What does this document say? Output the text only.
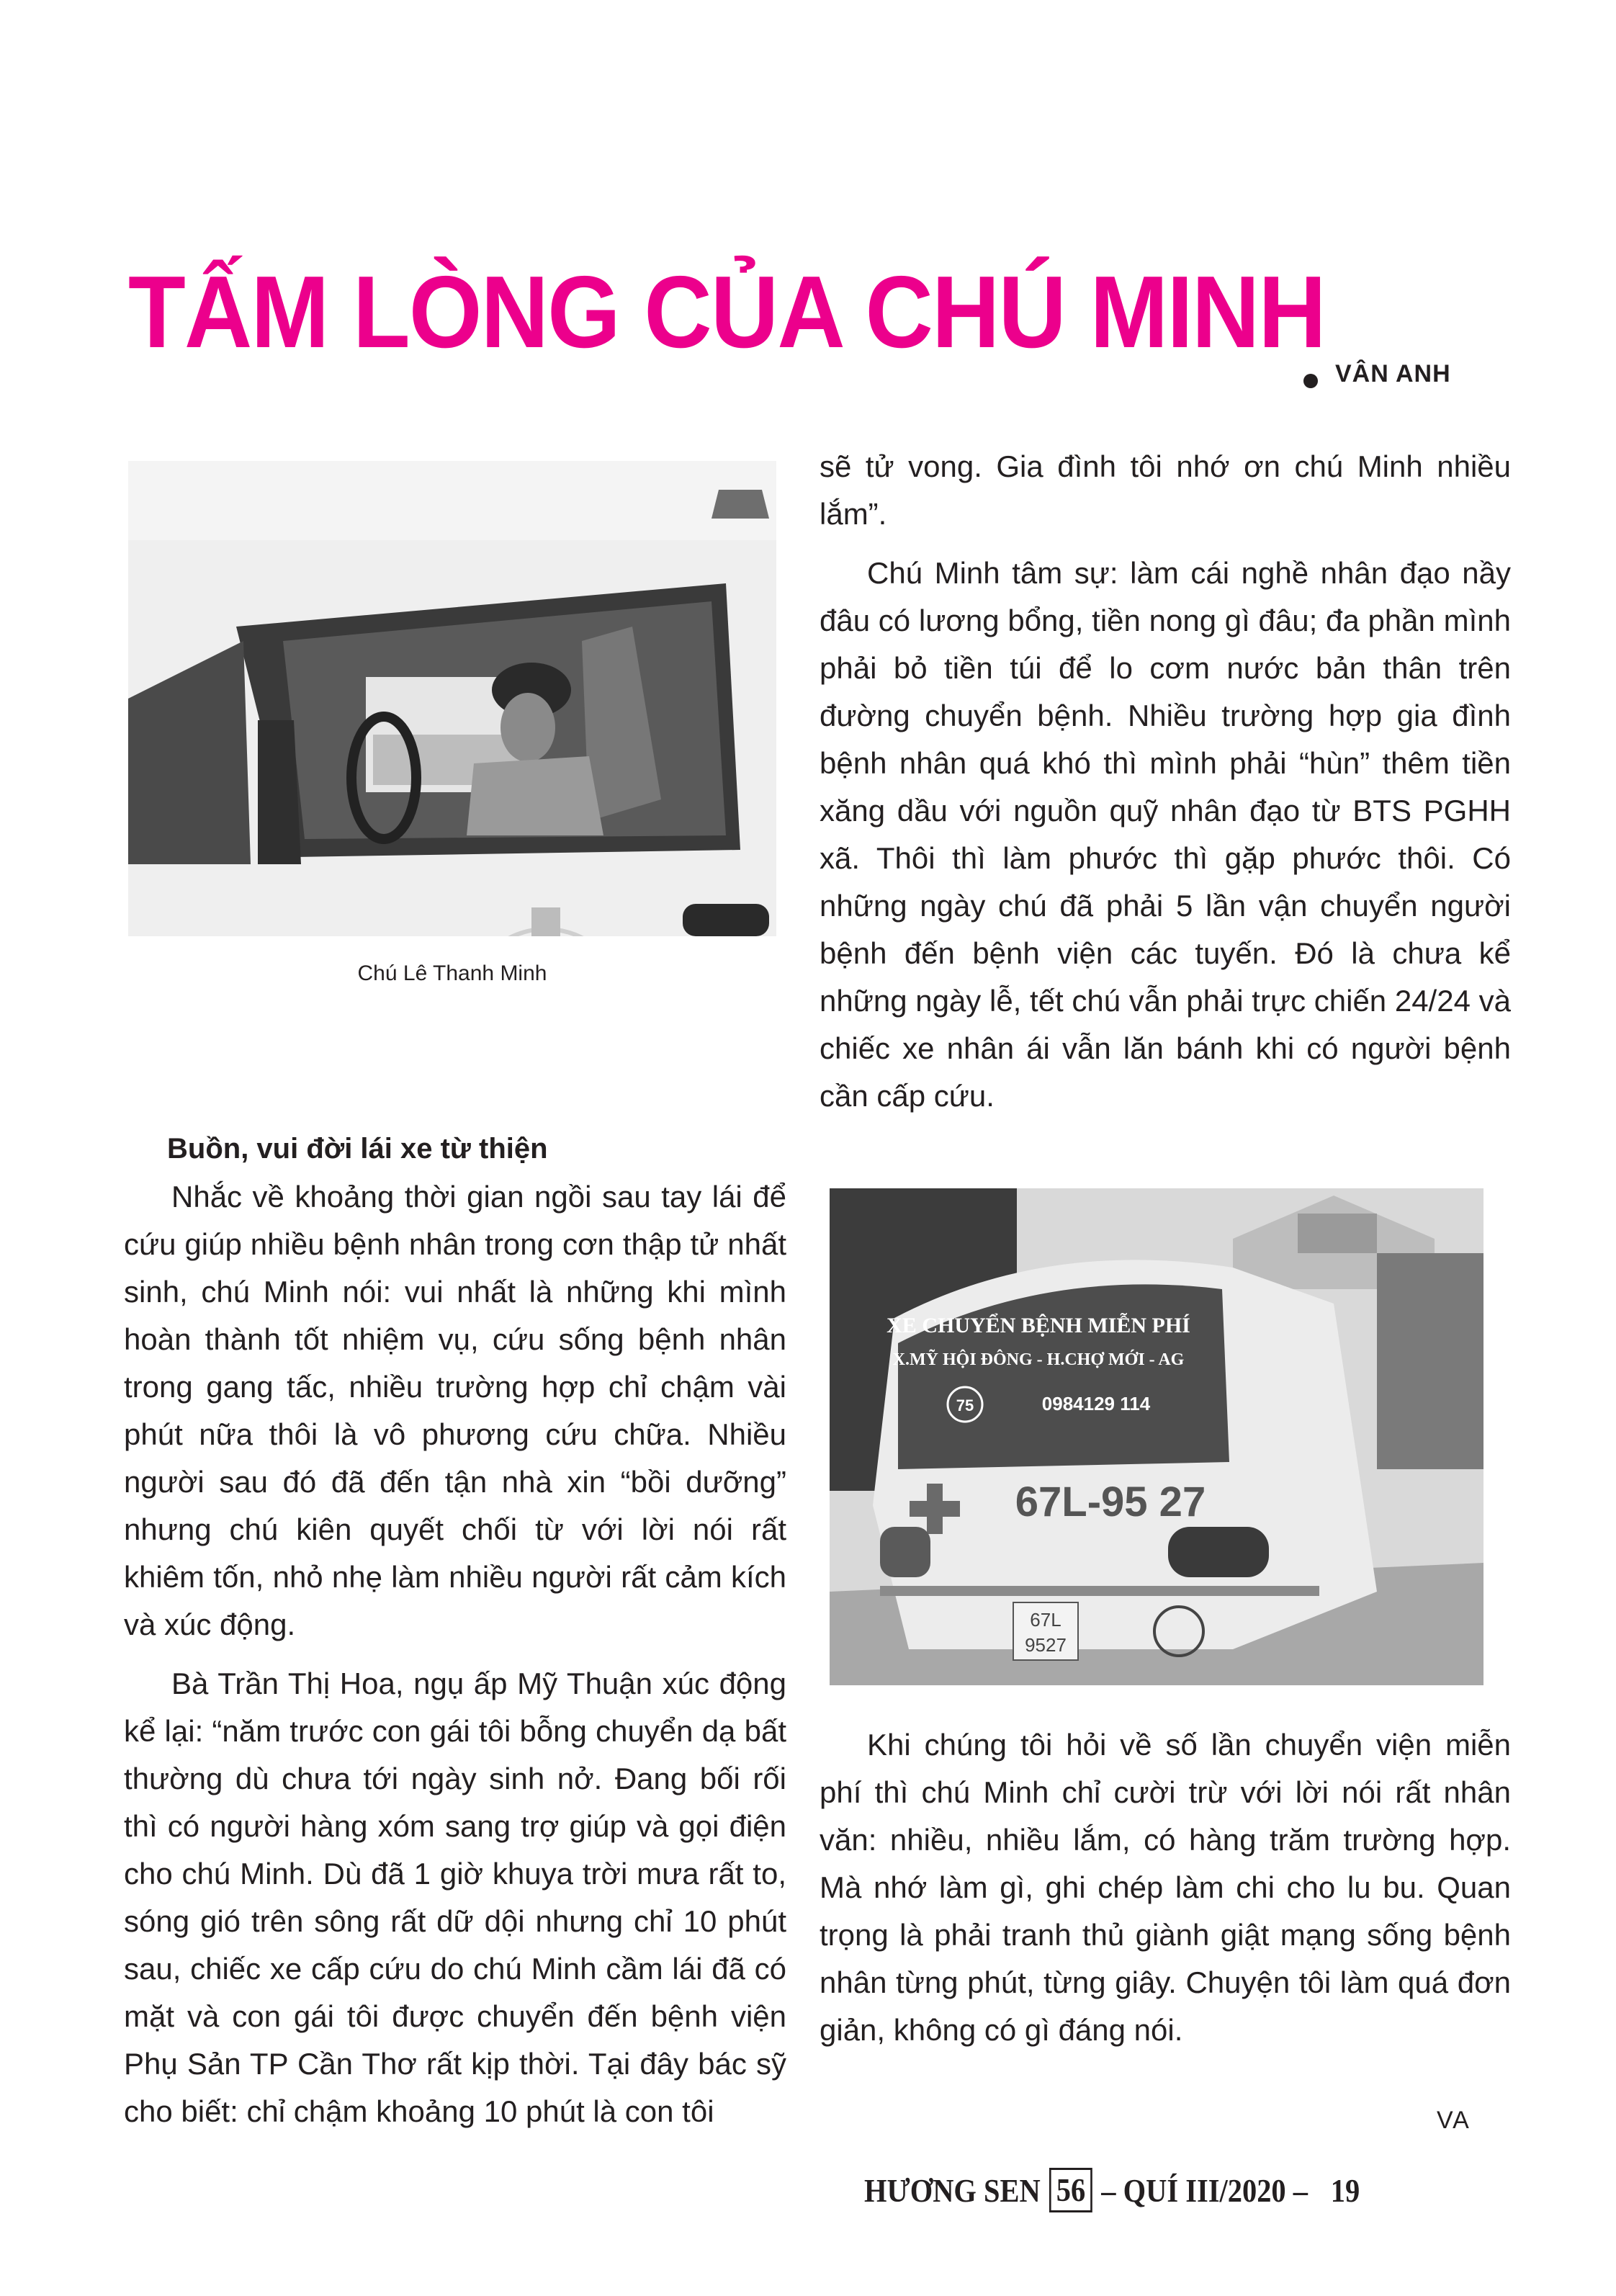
TẤM LÒNG CỦA CHÚ MINH
VÂN ANH
Chú Lê Thanh Minh
Buồn, vui đời lái xe từ thiện

Nhắc về khoảng thời gian ngồi sau tay lái để cứu giúp nhiều bệnh nhân trong cơn thập tử nhất sinh, chú Minh nói: vui nhất là những khi mình hoàn thành tốt nhiệm vụ, cứu sống bệnh nhân trong gang tấc, nhiều trường hợp chỉ chậm vài phút nữa thôi là vô phương cứu chữa. Nhiều người sau đó đã đến tận nhà xin “bồi dưỡng” nhưng chú kiên quyết chối từ với lời nói rất khiêm tốn, nhỏ nhẹ làm nhiều người rất cảm kích và xúc động.

Bà Trần Thị Hoa, ngụ ấp Mỹ Thuận xúc động kể lại: “năm trước con gái tôi bỗng chuyển dạ bất thường dù chưa tới ngày sinh nở. Đang bối rối thì có người hàng xóm sang trợ giúp và gọi điện cho chú Minh. Dù đã 1 giờ khuya trời mưa rất to, sóng gió trên sông rất dữ dội nhưng chỉ 10 phút sau, chiếc xe cấp cứu do chú Minh cầm lái đã có mặt và con gái tôi được chuyển đến bệnh viện Phụ Sản TP Cần Thơ rất kịp thời. Tại đây bác sỹ cho biết: chỉ chậm khoảng 10 phút là con tôi

sẽ tử vong. Gia đình tôi nhớ ơn chú Minh nhiều lắm”.

Chú Minh tâm sự: làm cái nghề nhân đạo nầy đâu có lương bổng, tiền nong gì đâu; đa phần mình phải bỏ tiền túi để lo cơm nước bản thân trên đường chuyển bệnh. Nhiều trường hợp gia đình bệnh nhân quá khó thì mình phải “hùn” thêm tiền xăng dầu với nguồn quỹ nhân đạo từ BTS PGHH xã. Thôi thì làm phước thì gặp phước thôi. Có những ngày chú đã phải 5 lần vận chuyển người bệnh đến bệnh viện các tuyến. Đó là chưa kể những ngày lễ, tết chú vẫn phải trực chiến 24/24 và chiếc xe nhân ái vẫn lăn bánh khi có người bệnh cần cấp cứu.

XE CHUYỂN BỆNH MIỄN PHÍ
X.MỸ HỘI ĐÔNG - H.CHỢ MỚI - AG
75	0984129 114
67L-95 27
67L
9527

Khi chúng tôi hỏi về số lần chuyển viện miễn phí thì chú Minh chỉ cười trừ với lời nói rất nhân văn: nhiều, nhiều lắm, có hàng trăm trường hợp. Mà nhớ làm gì, ghi chép làm chi cho lu bu. Quan trọng là phải tranh thủ giành giật mạng sống bệnh nhân từng phút, từng giây. Chuyện tôi làm quá đơn giản, không có gì đáng nói.

VA
HƯƠNG SEN 56 – QUÍ III/2020 – 19
